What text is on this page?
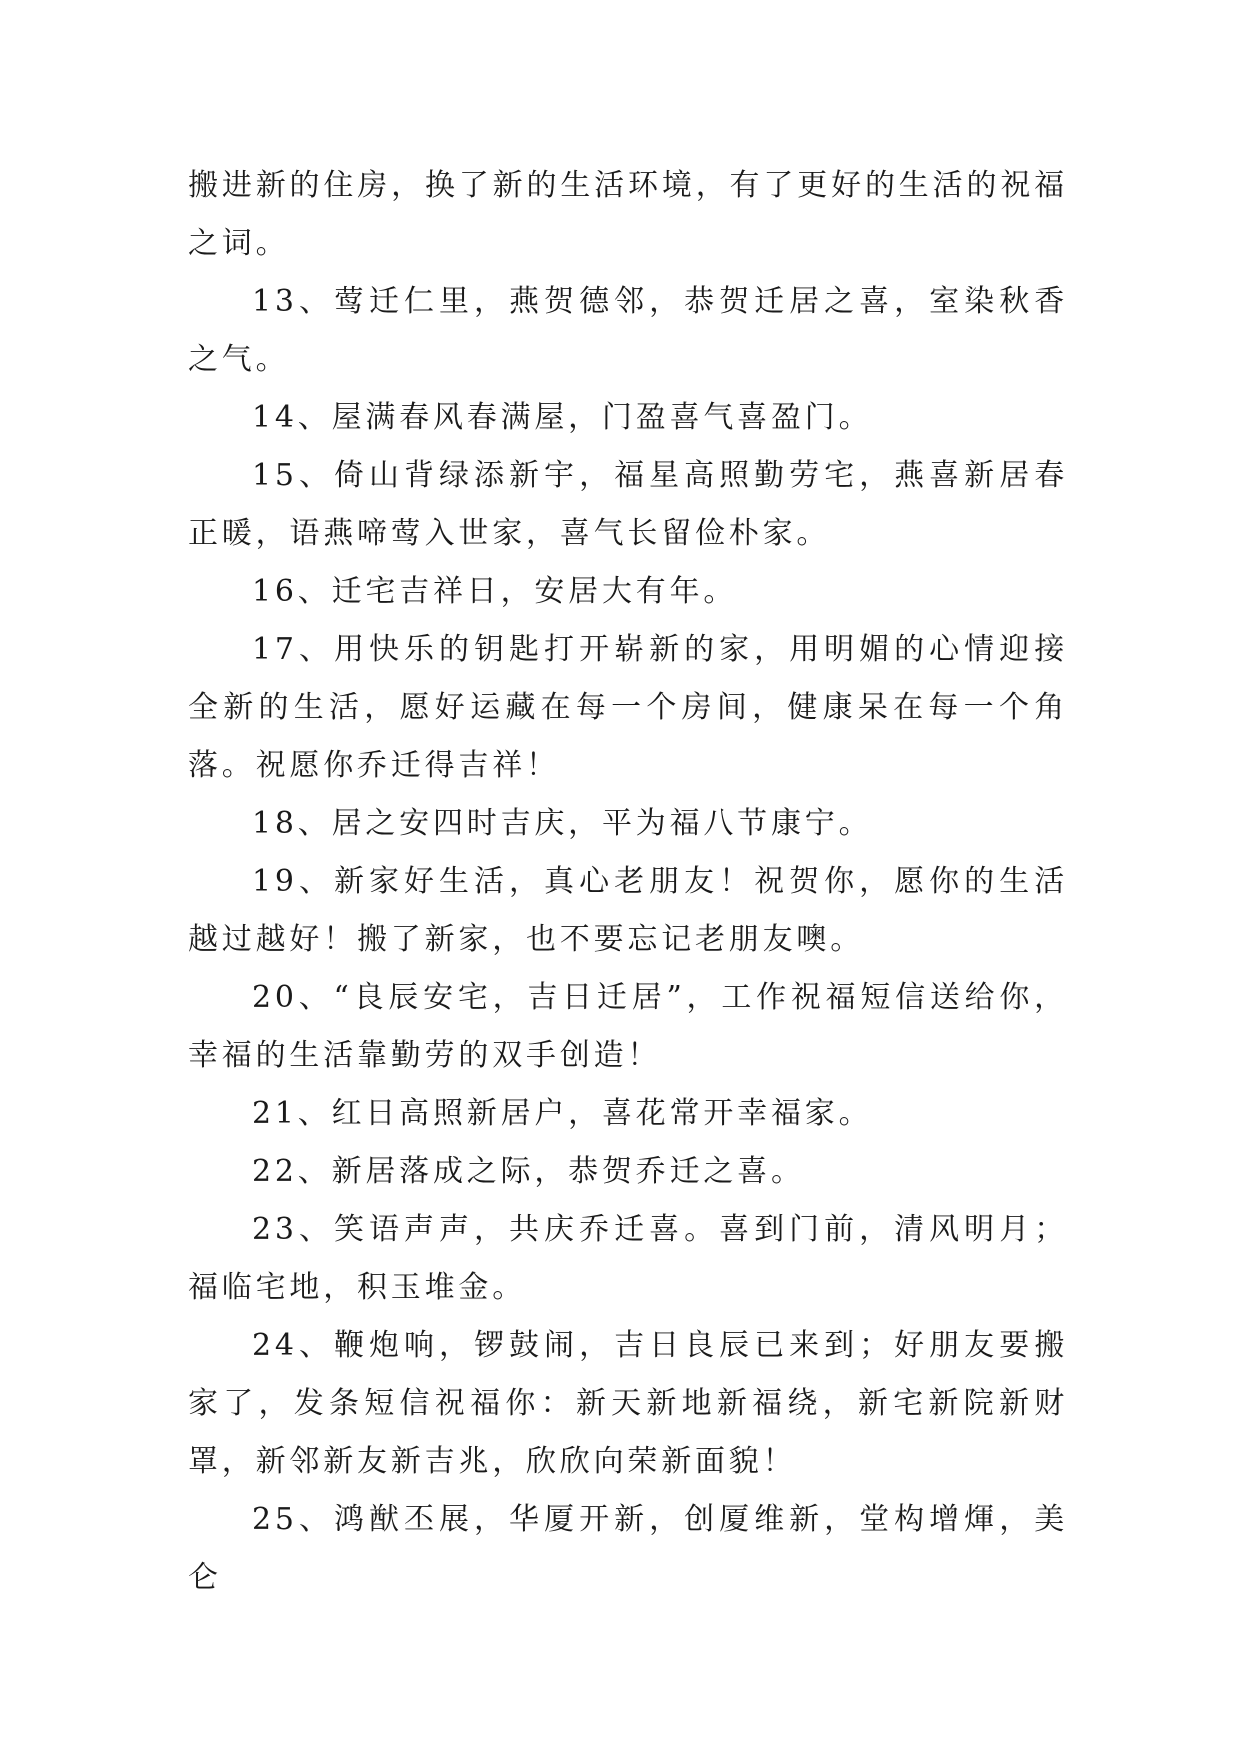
搬进新的住房，换了新的生活环境，有了更好的生活的祝福之词。

13、莺迁仁里，燕贺德邻，恭贺迁居之喜，室染秋香之气。

14、屋满春风春满屋，门盈喜气喜盈门。

15、倚山背绿添新宇，福星高照勤劳宅，燕喜新居春正暖，语燕啼莺入世家，喜气长留俭朴家。

16、迁宅吉祥日，安居大有年。

17、用快乐的钥匙打开崭新的家，用明媚的心情迎接全新的生活，愿好运藏在每一个房间，健康呆在每一个角落。祝愿你乔迁得吉祥！

18、居之安四时吉庆，平为福八节康宁。

19、新家好生活，真心老朋友！祝贺你，愿你的生活越过越好！搬了新家，也不要忘记老朋友噢。

20、“良辰安宅，吉日迁居”，工作祝福短信送给你，幸福的生活靠勤劳的双手创造！

21、红日高照新居户，喜花常开幸福家。

22、新居落成之际，恭贺乔迁之喜。

23、笑语声声，共庆乔迁喜。喜到门前，清风明月；福临宅地，积玉堆金。

24、鞭炮响，锣鼓闹，吉日良辰已来到；好朋友要搬家了，发条短信祝福你：新天新地新福绕，新宅新院新财罩，新邻新友新吉兆，欣欣向荣新面貌！

25、鸿猷丕展，华厦开新，创厦维新，堂构增煇，美仑
